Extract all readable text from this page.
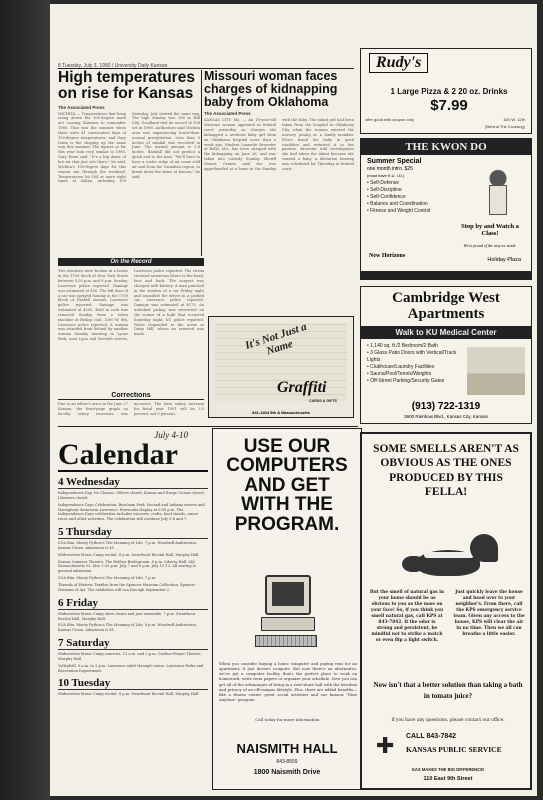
8 Tuesday, July 3, 1990 / University Daily Kansan
High temperatures on rise for Kansas
The Associated Press
WICHITA — Temperatures that keep rising above the 100-degree mark are causing Kansans to remember 1980. That was the summer when there were 41 consecutive days of 100-degree temperatures, and Gary Dunn is the shaping up the same way this summer. The figures so far this year look very similar to 1980, Gary Dunn said. "It's a big dome of hot air that just sits there," he said. Wichita's 100-degree days for this season ran through the weekend. Temperatures hit 104 or more eight times at Salina, including 109 Saturday. July started the same way. The high Sunday was 106 in Hill City. Goodland tied its record of 106 set in 1980. Authorities said Wichita area was experiencing lower-than-normal precipitation. Less than 3 inches of rainfall was recorded in June. The normal amount is 3.8 inches. Rainfall did not predict a quick end to the heat. "We'll have to have a cooler ridge of air come cold air and from the Canadian region, to break down the dome at Kansas," he said.
Missouri woman faces charges of kidnapping baby from Oklahoma
The Associated Press
KANSAS CITY, Mo. — An 18-year-old Missouri woman appeared in federal court yesterday on charges she kidnapped a newborn baby girl from an Oklahoma hospital more than a week ago. Student Lynnette Brewster of Rolla, Mo., has been charged with the kidnapping on June 26, and was taken into custody Sunday. Sheriff Dennis Grimes said she was apprehended at a home in the Sunday with the baby. The infant girl had been taken from the hospital in Oklahoma City when the woman entered the nursery posing as a family member. Police found the baby in good condition and returned it to her parents. Brewster told investigators she had taken the infant because she wanted a baby. A detention hearing was scheduled for Thursday in federal court.
On the Record
Two windows were broken in a house in the 1100 block of New York Street between 5:30 p.m. and 9 p.m. Sunday, Lawrence police reported. Damage was estimated at $50. The left door of a car was sprayed Sunday in the 1700 block of Haskell Avenue, Lawrence police reported. Damage was estimated at $200. Bold in cash was removed Sunday from a token machine at Bishop Galt, 3300 W. 6th, Lawrence police reported. A woman was attacked from behind by another woman Sunday morning in Lyons Park, near Lyon and Seventh streets, Lawrence police reported. The victim received numerous blows to the head, face and back. The suspect was charged with battery. A man punched in the window of a car Friday night and assaulted the driver in a parked car, Lawrence police reported. Damage was estimated at $175. An unlocked pickup was recovered on the corner of a light that occurred Saturday night, KU police reported. Police responded to the scene at Daisy Hill, where an arrested was made.
Corrections
Due to an editor's error in the June 27 Kansan, the front-page graph on faculty salary increases was incorrect. The base salary increase for fiscal year 1991 will be 3.5 percent, not 5 percent.
It's Not Just a Name
Graffiti
CARDS & GIFTS
841-1404 9th & Massachusetts
July 4-10
Calendar
4 Wednesday
Independence Day. No Classes. Offices closed, Kansas and Burge Unions closed. Libraries closed.
Independence Days Celebration. Burcham Park. Second and Indiana streets and throughout downtown Lawrence. Fireworks display at 9:30 p.m. The Independence Days celebration includes concerts, crafts, food stands, canoe races and other activities. The celebration will continue July 5-6 and 7.
5 Thursday
SUA film. Monty Python's The Meaning of Life. 7 p.m. Woodruff Auditorium, Kansas Union. Admission is $1.
Midwestern Music Camp recital. 8 p.m. Swarthout Recital Hall, Murphy Hall.
Kansas Summer Theatre. The Robber Bridegroom. 8 p.m. Liberty Hall, 642 Massachusetts St. Also 2:30 p.m. July 7 and 8 p.m. July 11-13. All seating is general admission.
SUA film. Monty Python's The Meaning of Life. 7 p.m.
Threads of Historic Textiles from the Spencer Museum Collection. Spencer Museum of Art. The exhibition will run through September 2.
6 Friday
Midwestern Music Camp show choirs and jazz ensemble. 7 p.m. Swarthout Recital Hall, Murphy Hall.
SUA film. Monty Python's The Meaning of Life. 9 p.m. Woodruff Auditorium, Kansas Union. Admission is $1.
7 Saturday
Midwestern Music Camp concerts. 11 a.m. and 2 p.m. Crafton-Preyer Theatre, Murphy Hall.
Volleyball. 9 a.m. to 2 p.m. Lawrence adult through-comm. Lawrence Parks and Recreation Department.
10 Tuesday
Midwestern Music Camp recital. 8 p.m. Swarthout Recital Hall, Murphy Hall.
USE OUR COMPUTERS AND GET WITH THE PROGRAM.
When you consider buying a home computer and paying rent for an apartment, it just doesn't compute. But now there's an alternative: we've got a computer facility that's the perfect place to work on homework, write term papers or organize your schedule. Now you can get all of the advantages of living in a rent-share hall with the freedom and privacy of an off-campus lifestyle. Plus, there are added benefits—like a fitness center, great social activities and our famous "Dine Anytime" program.
Call today for more information.
NAISMITH HALL
843-8559
1800 Naismith Drive
Rudy's
1 Large Pizza & 2 20 oz. Drinks
$7.99
offer good with coupon only	620 W. 12th
(Behind The Crossing)
THE KWON DO
Summer Special
one month intro. $25
(must have K.U. I.D.)
• Self-Defense
• Self-Discipline
• Self-Confidence
• Balance and Coordination
• Fitness and Weight Control
Stop by and Watch a Class!
We're proud of the way we teach.
New Horizons
Holiday Plaza
Cambridge West Apartments
Walk to KU Medical Center
• 1,140 sq. ft./2 Bedroom/2 Bath
• 3 Glass Patio Doors with Vertical/Track Lights
• Clubhouse/Laundry Facilities
• Sauna/Pool/Tennis/Weights
• Off-Street Parking/Security Gates
(913) 722-1319
3600 Rainbow Blvd., Kansas City, Kansas
SOME SMELLS AREN'T AS OBVIOUS AS THE ONES PRODUCED BY THIS FELLA!
But the smell of natural gas in your home should be as obvious to you as the nose on your face! So, if you think you smell natural gas, call KPS at 843-7842. If the odor is strong and persistent, be mindful not to strike a match or even flip a light switch.
Just quickly leave the house and head over to your neighbor's. From there, call the KPS emergency service team. Given any access to the house, KPS will clear the air in no time. Then we all can breathe a little easier.
Now isn't that a better solution than taking a bath in tomato juice?
If you have any questions, please contact our office.
✚	CALL 843-7842
KANSAS PUBLIC SERVICE
GAS MAKES THE BIG DIFFERENCE!
110 East 9th Street
